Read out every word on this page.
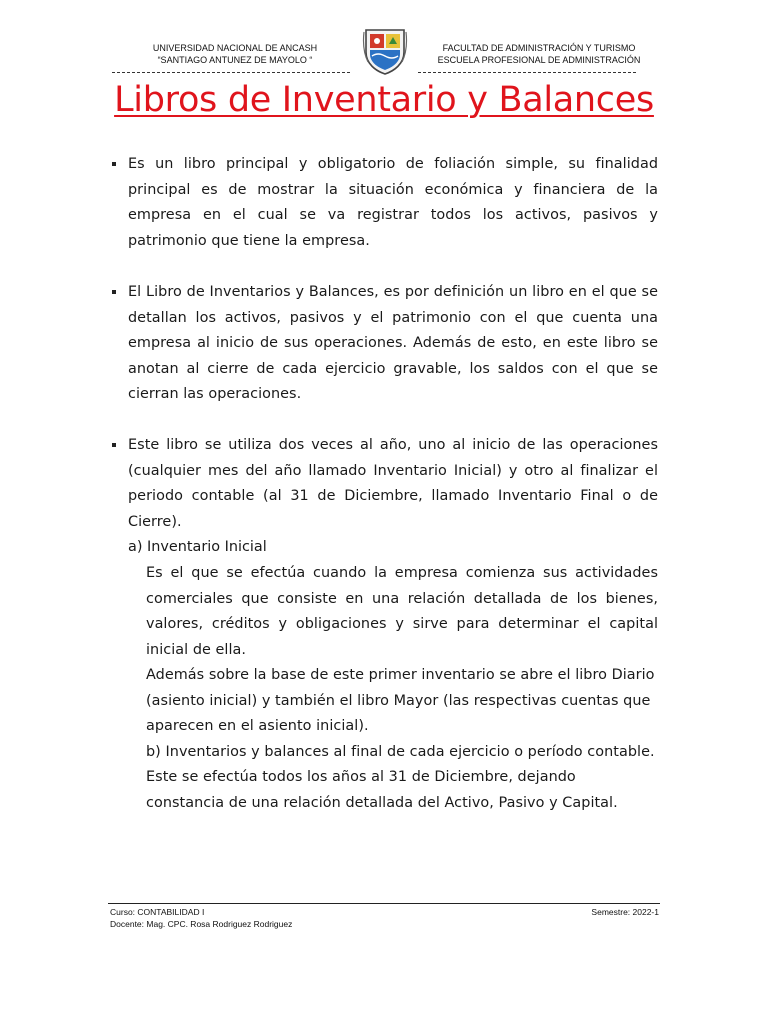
UNIVERSIDAD NACIONAL DE ANCASH
“SANTIAGO ANTUNEZ DE MAYOLO “
FACULTAD DE ADMINISTRACIÓN Y TURISMO
ESCUELA PROFESIONAL DE ADMINISTRACIÓN
Libros de Inventario y Balances

Es un libro principal y obligatorio de foliación simple, su finalidad principal es de mostrar la situación económica y financiera de la empresa en el cual se va registrar todos los activos, pasivos y patrimonio que tiene la empresa.

El Libro de Inventarios y Balances, es por definición un libro en el que se detallan los activos, pasivos y el patrimonio con el que cuenta una empresa al inicio de sus operaciones. Además de esto, en este libro se anotan al cierre de cada ejercicio gravable, los saldos con el que se cierran las operaciones.

Este libro se utiliza dos veces al año, uno al inicio de las operaciones (cualquier mes del año llamado Inventario Inicial) y otro al finalizar el periodo contable (al 31 de Diciembre, llamado Inventario Final o de Cierre).

a) Inventario Inicial

Es el que se efectúa cuando la empresa comienza sus actividades comerciales que consiste en una relación detallada de los bienes, valores, créditos y obligaciones y sirve para determinar el capital inicial de ella.

Además sobre la base de este primer inventario se abre el libro Diario (asiento inicial) y también el libro Mayor (las respectivas cuentas que aparecen en el asiento inicial).

b) Inventarios y balances al final de cada ejercicio o período contable.

Este se efectúa todos los años al 31 de Diciembre, dejando constancia de una relación detallada del Activo, Pasivo y Capital.

Curso: CONTABILIDAD I
Docente: Mag. CPC. Rosa Rodriguez Rodriguez
Semestre: 2022-1
